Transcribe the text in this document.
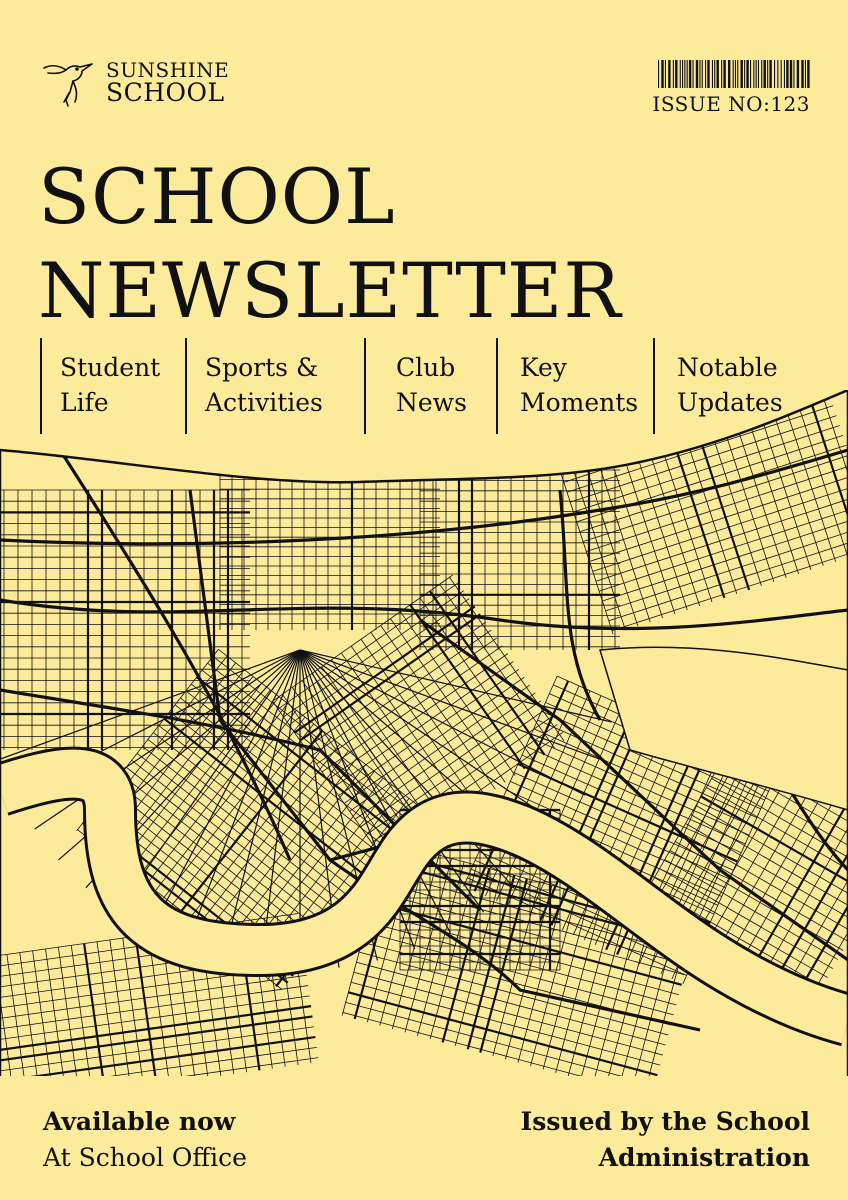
SUNSHINE
SCHOOL	ISSUE NO:123
SCHOOL
NEWSLETTER
Student
Life
Sports &
Activities
Club
News
Key
Moments
Notable
Updates
Available now
At School Office
Issued by the School
Administration
